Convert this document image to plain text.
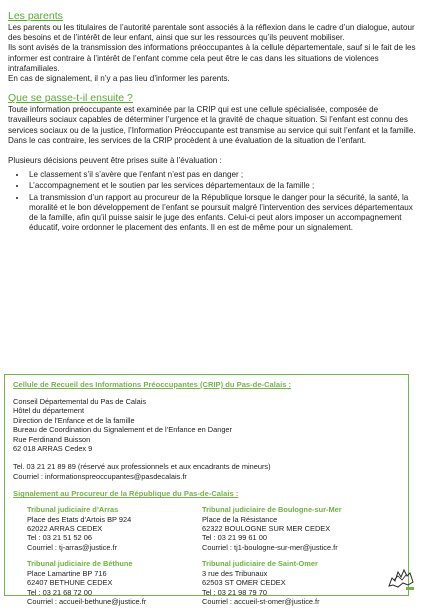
Les parents

Les parents ou les titulaires de l’autorité parentale sont associés à la réflexion dans le cadre d’un dialogue, autour des besoins et de l’intérêt de leur enfant, ainsi que sur les ressources qu’ils peuvent mobiliser.

Ils sont avisés de la transmission des informations préoccupantes à la cellule départementale, sauf si le fait de les informer est contraire à l’intérêt de l’enfant comme cela peut être le cas dans les situations de violences intrafamiliales.

En cas de signalement, il n’y a pas lieu d’informer les parents.

Que se passe-t-il ensuite ?

Toute information préoccupante est examinée par la CRIP qui est une cellule spécialisée, composée de travailleurs sociaux capables de déterminer l’urgence et la gravité de chaque situation. Si l’enfant est connu des services sociaux ou de la justice, l’Information Préoccupante est transmise au service qui suit l’enfant et la famille. Dans le cas contraire, les services de la CRIP procèdent à une évaluation de la situation de l’enfant.

Plusieurs décisions peuvent être prises suite à l’évaluation :

• Le classement s’il s’avère que l’enfant n’est pas en danger ;
• L’accompagnement et le soutien par les services départementaux de la famille ;
• La transmission d’un rapport au procureur de la République lorsque le danger pour la sécurité, la santé, la moralité et le bon développement de l’enfant se poursuit malgré l’intervention des services départementaux de la famille, afin qu’il puisse saisir le juge des enfants. Celui-ci peut alors imposer un accompagnement éducatif, voire ordonner le placement des enfants. Il en est de même pour un signalement.
Cellule de Recueil des Informations Préoccupantes (CRIP) du Pas-de-Calais :
Conseil Départemental du Pas de Calais
Hôtel du département
Direction de l’Enfance et de la famille
Bureau de Coordination du Signalement et de l’Enfance en Danger
Rue Ferdinand Buisson
62 018 ARRAS Cedex 9
Tel. 03 21 21 89 89 (réservé aux professionnels et aux encadrants de mineurs)
Courriel : informationspreoccupantes@pasdecalais.fr
Signalement au Procureur de la République du Pas-de-Calais :
Tribunal judiciaire d’Arras
Place des Etats d’Artois BP 924
62022 ARRAS CEDEX
Tel : 03 21 51 52 06
Courriel : tj-arras@justice.fr
Tribunal judiciaire de Boulogne-sur-Mer
Place de la Résistance
62322 BOULOGNE SUR MER CEDEX
Tel : 03 21 99 61 00
Courriel : tj1-boulogne-sur-mer@justice.fr
Tribunal judiciaire de Béthune
Place Lamartine BP 716
62407 BETHUNE CEDEX
Tel : 03 21 68 72 00
Courriel : accueil-bethune@justice.fr
Tribunal judiciaire de Saint-Omer
3 rue des Tribunaux
62503 ST OMER CEDEX
Tel : 03 21 98 79 70
Courriel : accueil-st-omer@justice.fr
